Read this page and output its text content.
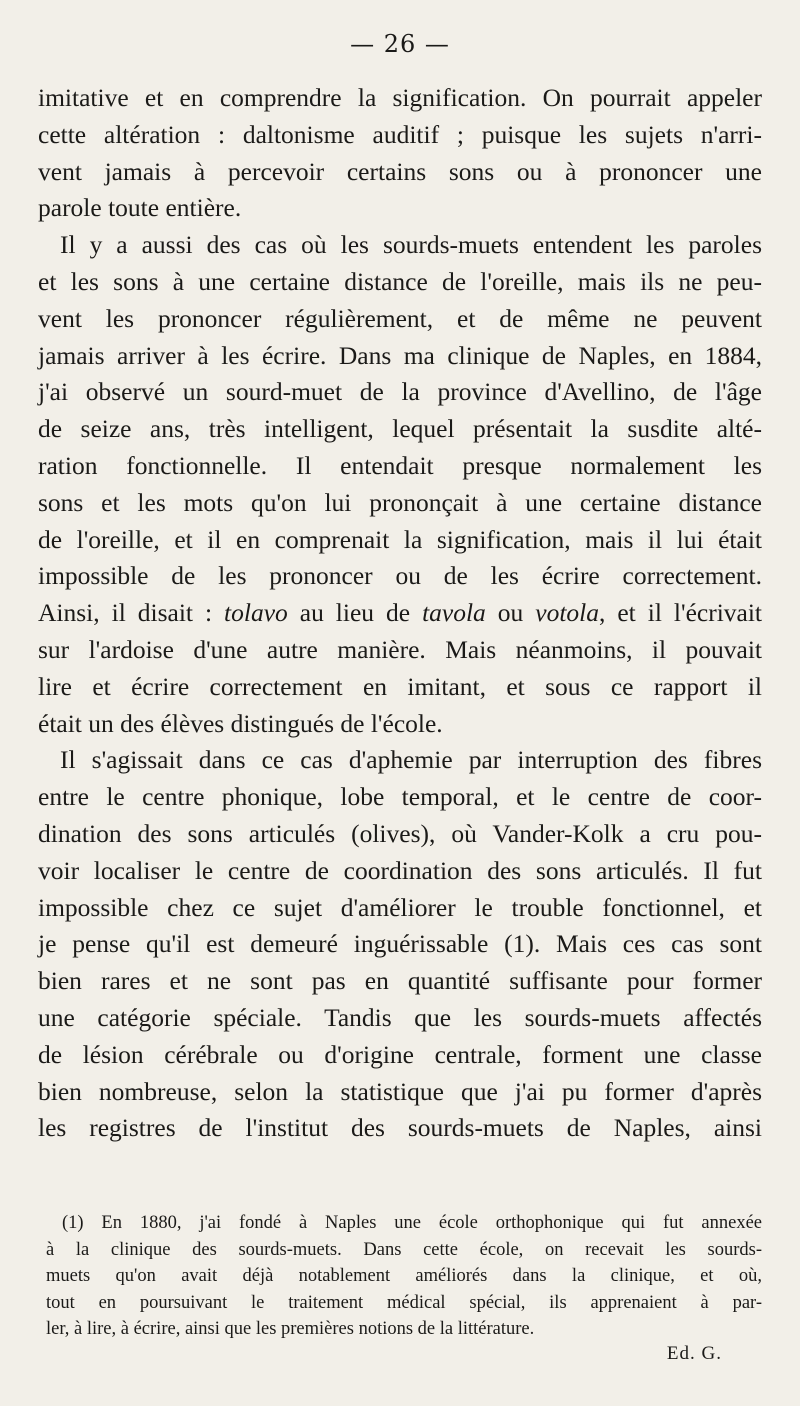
— 26 —
imitative et en comprendre la signification. On pourrait appeler
cette altération : daltonisme auditif ; puisque les sujets n'arri-
vent jamais à percevoir certains sons ou à prononcer une
parole toute entière.
Il y a aussi des cas où les sourds-muets entendent les paroles
et les sons à une certaine distance de l'oreille, mais ils ne peu-
vent les prononcer régulièrement, et de même ne peuvent
jamais arriver à les écrire. Dans ma clinique de Naples, en 1884,
j'ai observé un sourd-muet de la province d'Avellino, de l'âge
de seize ans, très intelligent, lequel présentait la susdite alté-
ration fonctionnelle. Il entendait presque normalement les
sons et les mots qu'on lui prononçait à une certaine distance
de l'oreille, et il en comprenait la signification, mais il lui était
impossible de les prononcer ou de les écrire correctement.
Ainsi, il disait : tolavo au lieu de tavola ou votola, et il l'écrivait
sur l'ardoise d'une autre manière. Mais néanmoins, il pouvait
lire et écrire correctement en imitant, et sous ce rapport il
était un des élèves distingués de l'école.
Il s'agissait dans ce cas d'aphemie par interruption des fibres
entre le centre phonique, lobe temporal, et le centre de coor-
dination des sons articulés (olives), où Vander-Kolk a cru pou-
voir localiser le centre de coordination des sons articulés. Il fut
impossible chez ce sujet d'améliorer le trouble fonctionnel, et
je pense qu'il est demeuré inguérissable (1). Mais ces cas sont
bien rares et ne sont pas en quantité suffisante pour former
une catégorie spéciale. Tandis que les sourds-muets affectés
de lésion cérébrale ou d'origine centrale, forment une classe
bien nombreuse, selon la statistique que j'ai pu former d'après
les registres de l'institut des sourds-muets de Naples, ainsi
(1) En 1880, j'ai fondé à Naples une école orthophonique qui fut annexée
à la clinique des sourds-muets. Dans cette école, on recevait les sourds-
muets qu'on avait déjà notablement améliorés dans la clinique, et où,
tout en poursuivant le traitement médical spécial, ils apprenaient à par-
ler, à lire, à écrire, ainsi que les premières notions de la littérature.
Ed. G.
